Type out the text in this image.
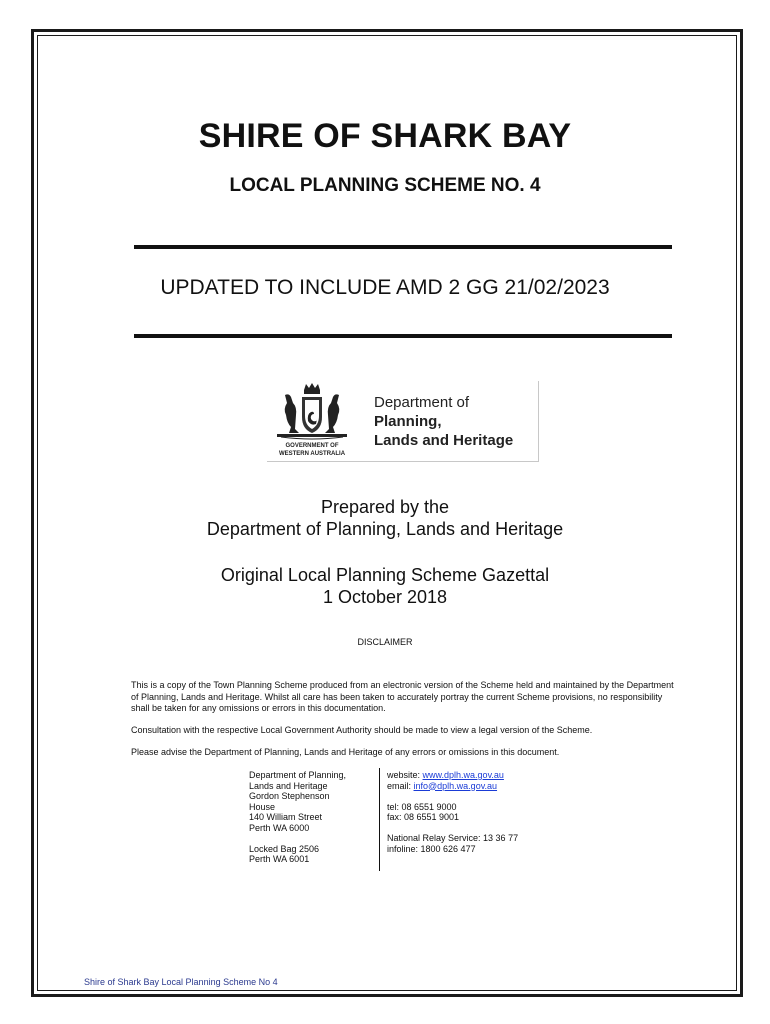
SHIRE OF SHARK BAY
LOCAL PLANNING SCHEME NO. 4
UPDATED TO INCLUDE AMD 2 GG 21/02/2023
GOVERNMENT OF
WESTERN AUSTRALIA
Department of Planning,
Lands and Heritage
Prepared by the
Department of Planning, Lands and Heritage
Original Local Planning Scheme Gazettal
1 October 2018
DISCLAIMER
This is a copy of the Town Planning Scheme produced from an electronic version of the Scheme held and maintained by the Department of Planning, Lands and Heritage. Whilst all care has been taken to accurately portray the current Scheme provisions, no responsibility shall be taken for any omissions or errors in this documentation.
Consultation with the respective Local Government Authority should be made to view a legal version of the Scheme.
Please advise the Department of Planning, Lands and Heritage of any errors or omissions in this document.
Department of Planning,
Lands and Heritage
Gordon Stephenson
House
140 William Street
Perth WA 6000
Locked Bag 2506
Perth WA 6001
website: www.dplh.wa.gov.au
email: info@dplh.wa.gov.au
tel: 08 6551 9000
fax: 08 6551 9001
National Relay Service: 13 36 77
infoline: 1800 626 477
Shire of Shark Bay Local Planning Scheme No 4
